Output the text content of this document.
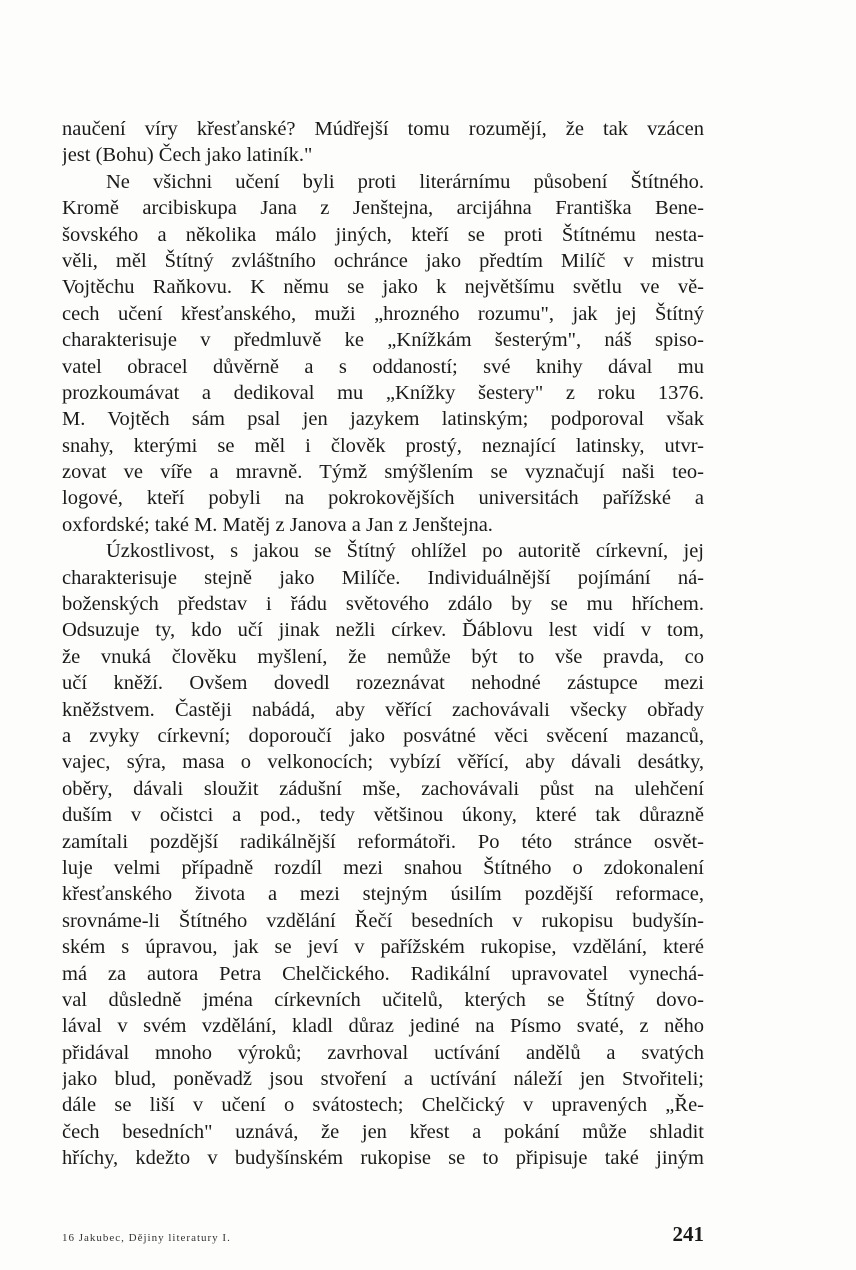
naučení víry křesťanské? Múdřejší tomu rozumějí, že tak vzácen
jest (Bohu) Čech jako latiník."
Ne všichni učení byli proti literárnímu působení Štítného.
Kromě arcibiskupa Jana z Jenštejna, arcijáhna Františka Bene-
šovského a několika málo jiných, kteří se proti Štítnému nesta-
věli, měl Štítný zvláštního ochránce jako předtím Milíč v mistru
Vojtěchu Raňkovu. K němu se jako k největšímu světlu ve vě-
cech učení křesťanského, muži „hrozného rozumu", jak jej Štítný
charakterisuje v předmluvě ke „Knížkám šesterým", náš spiso-
vatel obracel důvěrně a s oddaností; své knihy dával mu
prozkoumávat a dedikoval mu „Knížky šestery" z roku 1376.
M. Vojtěch sám psal jen jazykem latinským; podporoval však
snahy, kterými se měl i člověk prostý, neznající latinsky, utvr-
zovat ve víře a mravně. Týmž smýšlením se vyznačují naši teo-
logové, kteří pobyli na pokrokovějších universitách pařížské a
oxfordské; také M. Matěj z Janova a Jan z Jenštejna.
Úzkostlivost, s jakou se Štítný ohlížel po autoritě církevní, jej
charakterisuje stejně jako Milíče. Individuálnější pojímání ná-
boženských představ i řádu světového zdálo by se mu hříchem.
Odsuzuje ty, kdo učí jinak nežli církev. Ďáblovu lest vidí v tom,
že vnuká člověku myšlení, že nemůže být to vše pravda, co
učí kněží. Ovšem dovedl rozeznávat nehodné zástupce mezi
kněžstvem. Častěji nabádá, aby věřící zachovávali všecky obřady
a zvyky církevní; doporoučí jako posvátné věci svěcení mazanců,
vajec, sýra, masa o velkonocích; vybízí věřící, aby dávali desátky,
oběry, dávali sloužit zádušní mše, zachovávali půst na ulehčení
duším v očistci a pod., tedy většinou úkony, které tak důrazně
zamítali pozdější radikálnější reformátoři. Po této stránce osvět-
luje velmi případně rozdíl mezi snahou Štítného o zdokonalení
křesťanského života a mezi stejným úsilím pozdější reformace,
srovnáme-li Štítného vzdělání Řečí besedních v rukopisu budyšín-
ském s úpravou, jak se jeví v pařížském rukopise, vzdělání, které
má za autora Petra Chelčického. Radikální upravovatel vynechá-
val důsledně jména církevních učitelů, kterých se Štítný dovo-
lával v svém vzdělání, kladl důraz jediné na Písmo svaté, z něho
přidával mnoho výroků; zavrhoval uctívání andělů a svatých
jako blud, poněvadž jsou stvoření a uctívání náleží jen Stvořiteli;
dále se liší v učení o svátostech; Chelčický v upravených „Ře-
čech besedních" uznává, že jen křest a pokání může shladit
hříchy, kdežto v budyšínském rukopise se to připisuje také jiným
16 Jakubec, Dějiny literatury I.	241
